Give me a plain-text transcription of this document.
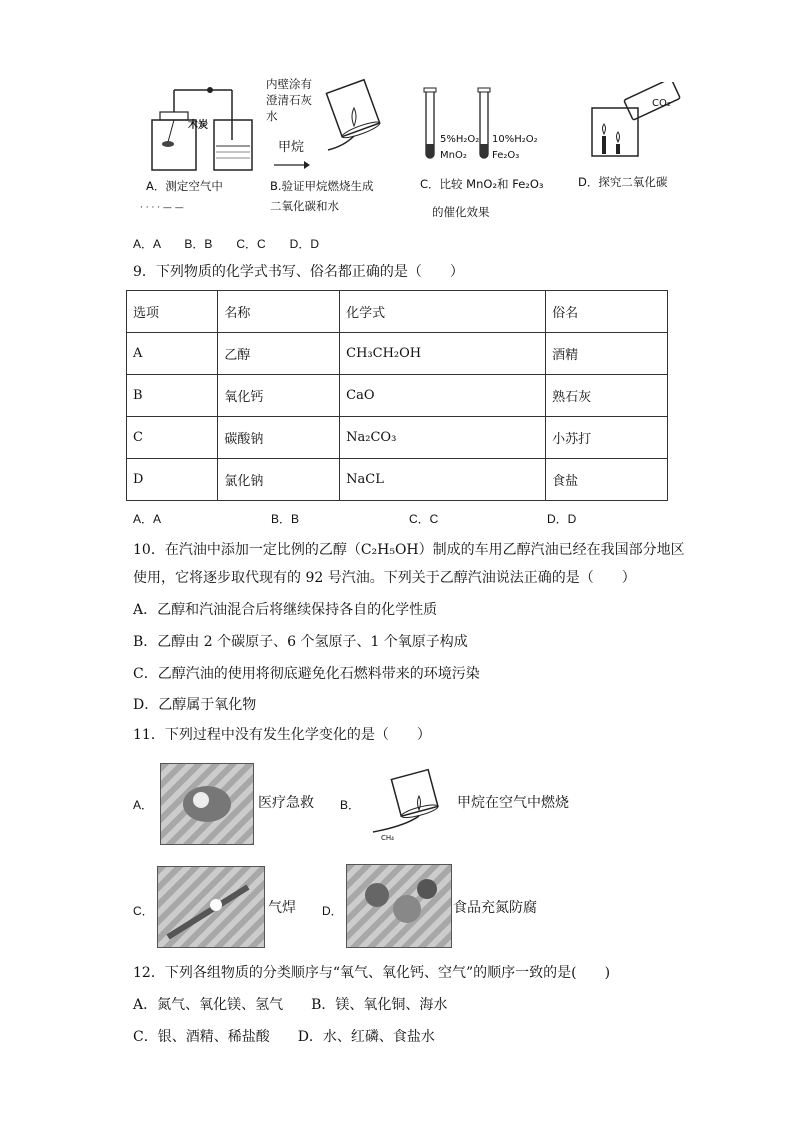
木炭
A．测定空气中
· · · · — —
内壁涂有
澄清石灰
水
甲烷
B.验证甲烷燃烧生成
二氧化碳和水
5%H₂O₂
MnO₂
10%H₂O₂
Fe₂O₃
C．比较 MnO₂和 Fe₂O₃
的催化效果
CO₂
D．探究二氧化碳
A．A　　B．B　　C．C　　D．D
9．下列物质的化学式书写、俗名都正确的是（　　）
选项	名称	化学式	俗名
A	乙醇	CH₃CH₂OH	酒精
B	氧化钙	CaO	熟石灰
C	碳酸钠	Na₂CO₃	小苏打
D	氯化钠	NaCL	食盐
A．A	B．B	C．C	D．D
10．在汽油中添加一定比例的乙醇（C₂H₅OH）制成的车用乙醇汽油已经在我国部分地区
使用，它将逐步取代现有的 92 号汽油。下列关于乙醇汽油说法正确的是（　　）
A．乙醇和汽油混合后将继续保持各自的化学性质
B．乙醇由 2 个碳原子、6 个氢原子、1 个氧原子构成
C．乙醇汽油的使用将彻底避免化石燃料带来的环境污染
D．乙醇属于氧化物
11．下列过程中没有发生化学变化的是（　　）
A．	医疗急救 B．
CH₄
甲烷在空气中燃烧
C．	气焊 D．	食品充氮防腐
12．下列各组物质的分类顺序与“氧气、氧化钙、空气”的顺序一致的是(　　)
A．氮气、氧化镁、氢气　　B．镁、氧化铜、海水
C．银、酒精、稀盐酸　　D．水、红磷、食盐水
